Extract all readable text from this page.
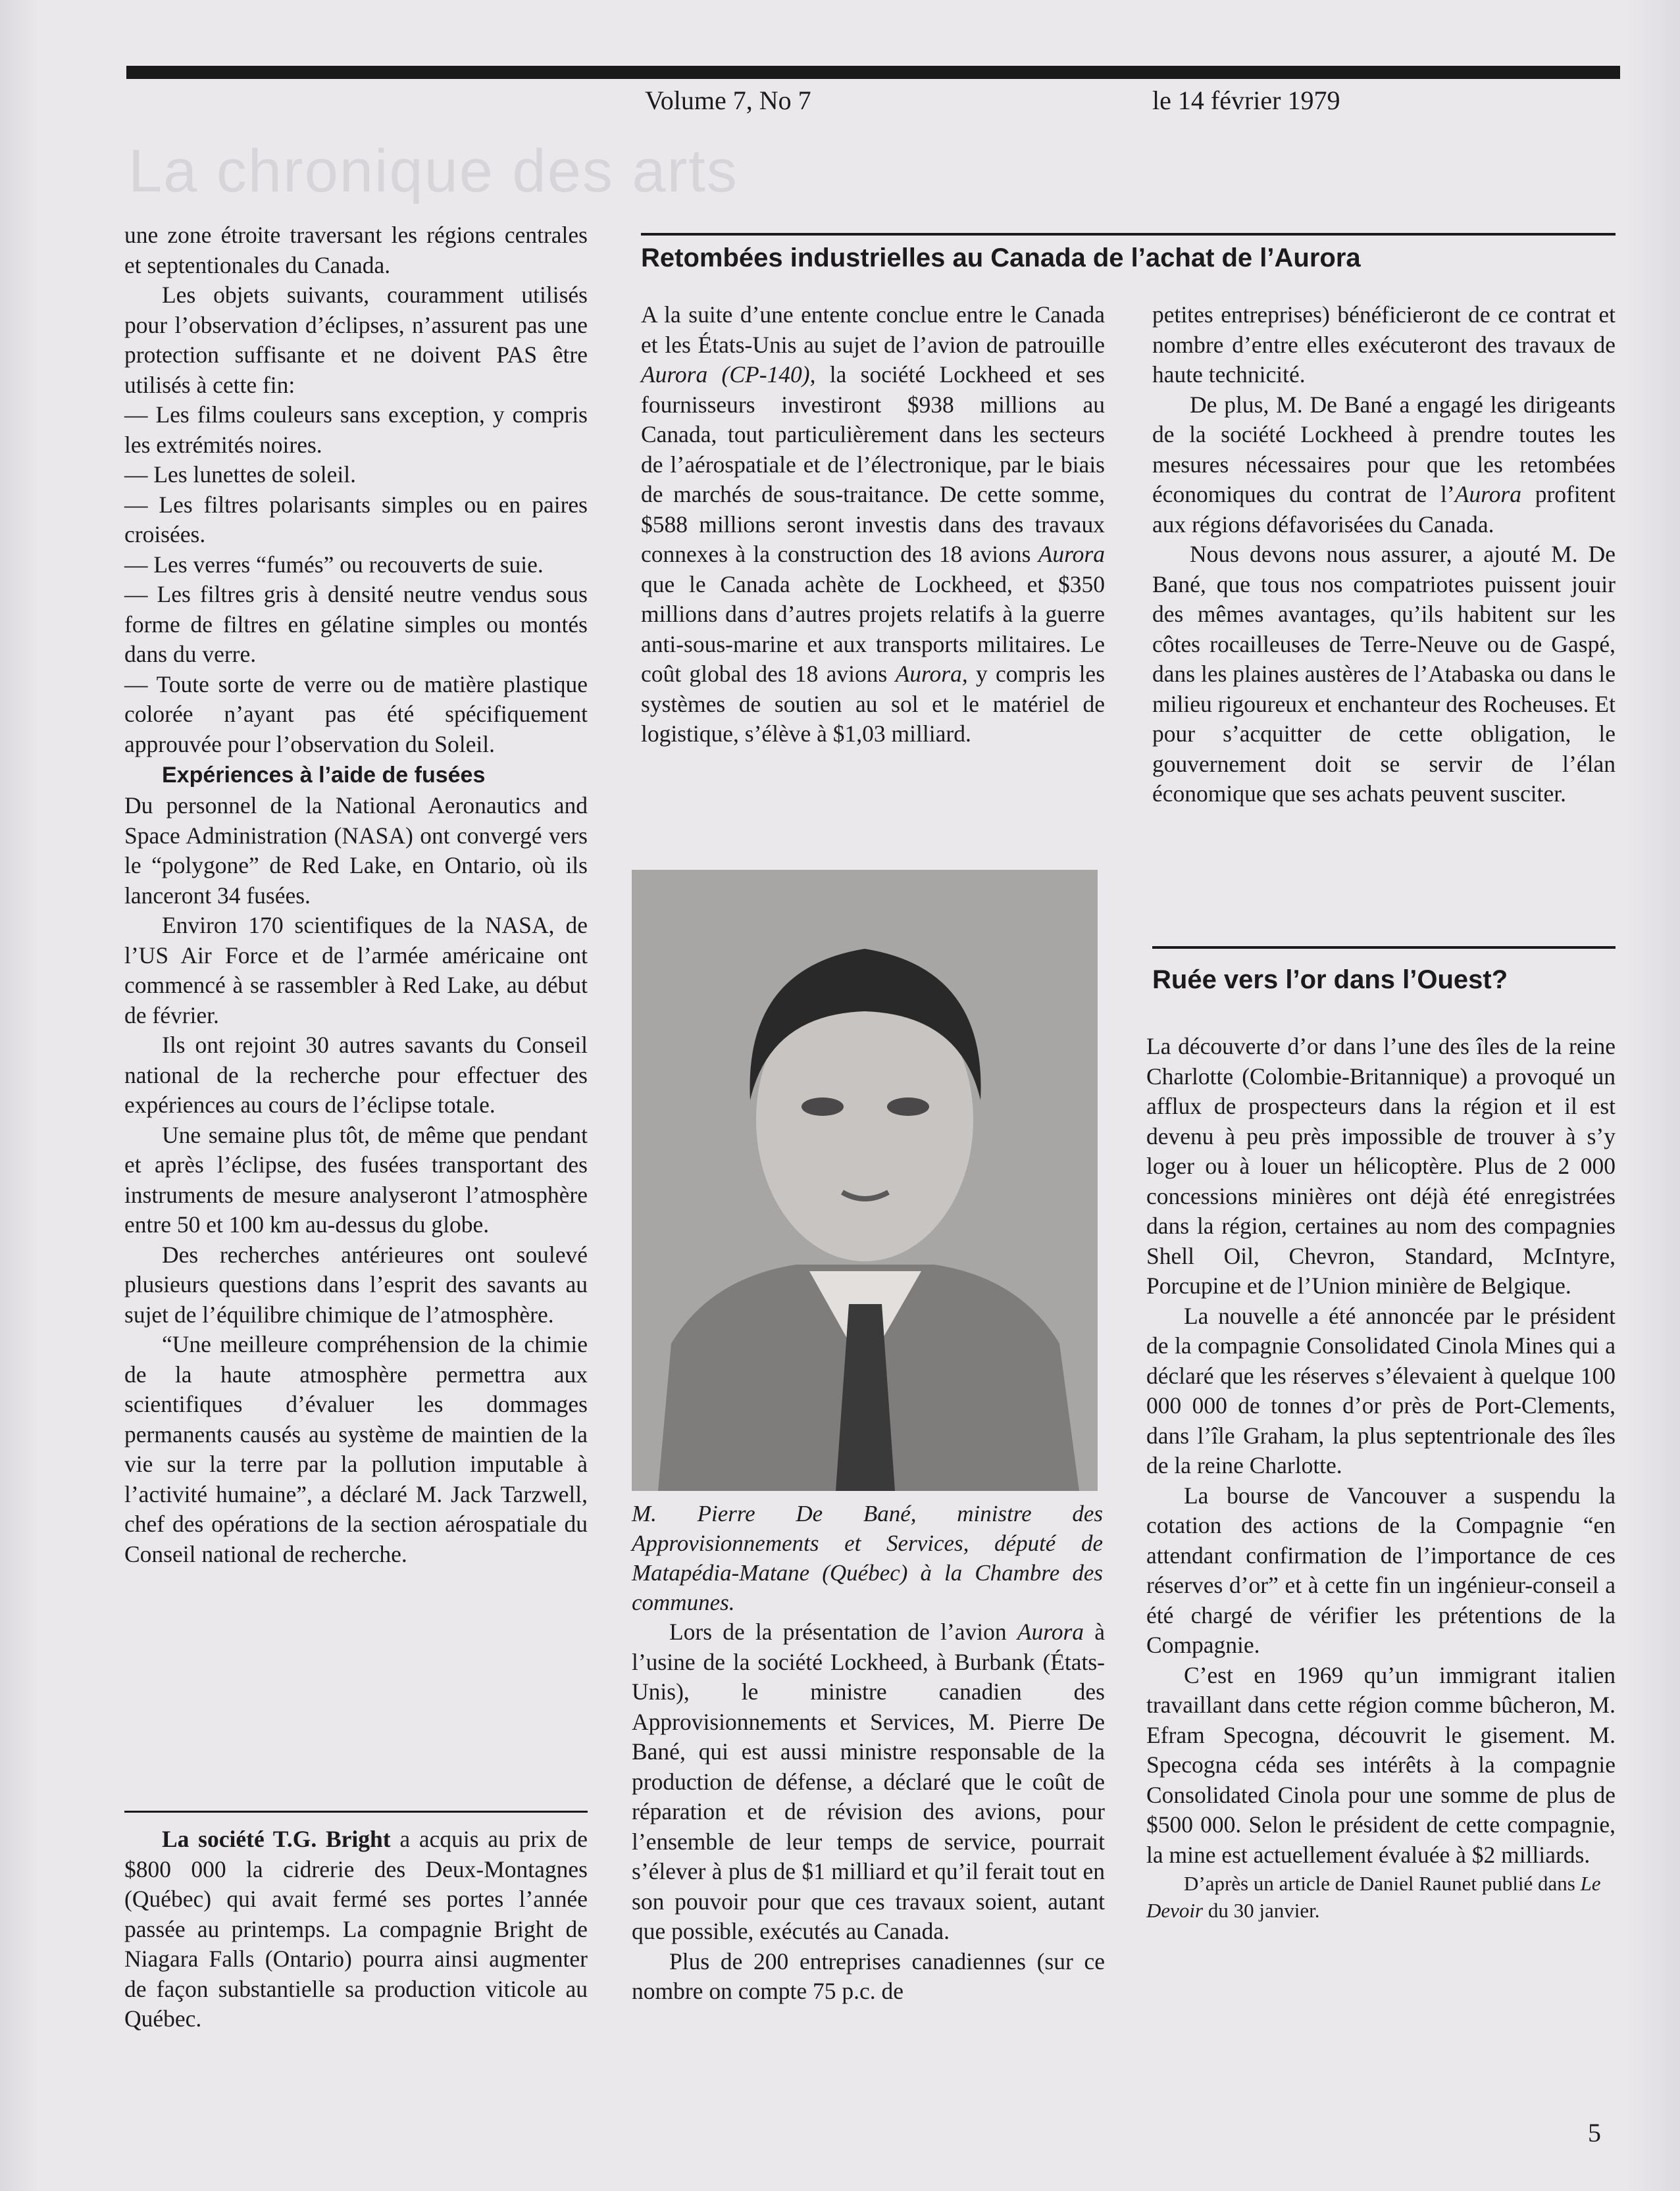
La chronique des arts
Volume 7, No 7	le 14 février 1979

une zone étroite traversant les régions centrales et septentionales du Canada.

Les objets suivants, couramment utilisés pour l’observation d’éclipses, n’assurent pas une protection suffisante et ne doivent PAS être utilisés à cette fin:

— Les films couleurs sans exception, y compris les extrémités noires.

— Les lunettes de soleil.

— Les filtres polarisants simples ou en paires croisées.

— Les verres “fumés” ou recouverts de suie.

— Les filtres gris à densité neutre vendus sous forme de filtres en gélatine simples ou montés dans du verre.

— Toute sorte de verre ou de matière plastique colorée n’ayant pas été spécifiquement approuvée pour l’observation du Soleil.

Expériences à l’aide de fusées

Du personnel de la National Aeronautics and Space Administration (NASA) ont convergé vers le “polygone” de Red Lake, en Ontario, où ils lanceront 34 fusées.

Environ 170 scientifiques de la NASA, de l’US Air Force et de l’armée américaine ont commencé à se rassembler à Red Lake, au début de février.

Ils ont rejoint 30 autres savants du Conseil national de la recherche pour effectuer des expériences au cours de l’éclipse totale.

Une semaine plus tôt, de même que pendant et après l’éclipse, des fusées transportant des instruments de mesure analyseront l’atmosphère entre 50 et 100 km au-dessus du globe.

Des recherches antérieures ont soulevé plusieurs questions dans l’esprit des savants au sujet de l’équilibre chimique de l’atmosphère.

“Une meilleure compréhension de la chimie de la haute atmosphère permettra aux scientifiques d’évaluer les dommages permanents causés au système de maintien de la vie sur la terre par la pollution imputable à l’activité humaine”, a déclaré M. Jack Tarzwell, chef des opérations de la section aérospatiale du Conseil national de recherche.

La société T.G. Bright a acquis au prix de $800 000 la cidrerie des Deux-Montagnes (Québec) qui avait fermé ses portes l’année passée au printemps. La compagnie Bright de Niagara Falls (Ontario) pourra ainsi augmenter de façon substantielle sa production viticole au Québec.

Retombées industrielles au Canada de l’achat de l’Aurora

A la suite d’une entente conclue entre le Canada et les États-Unis au sujet de l’avion de patrouille Aurora (CP-140), la société Lockheed et ses fournisseurs investiront $938 millions au Canada, tout particulièrement dans les secteurs de l’aérospatiale et de l’électronique, par le biais de marchés de sous-traitance. De cette somme, $588 millions seront investis dans des travaux connexes à la construction des 18 avions Aurora que le Canada achète de Lockheed, et $350 millions dans d’autres projets relatifs à la guerre anti-sous-marine et aux transports militaires. Le coût global des 18 avions Aurora, y compris les systèmes de soutien au sol et le matériel de logistique, s’élève à $1,03 milliard.

M. Pierre De Bané, ministre des Approvisionnements et Services, député de Matapédia-Matane (Québec) à la Chambre des communes.

Lors de la présentation de l’avion Aurora à l’usine de la société Lockheed, à Burbank (États-Unis), le ministre canadien des Approvisionnements et Services, M. Pierre De Bané, qui est aussi ministre responsable de la production de défense, a déclaré que le coût de réparation et de révision des avions, pour l’ensemble de leur temps de service, pourrait s’élever à plus de $1 milliard et qu’il ferait tout en son pouvoir pour que ces travaux soient, autant que possible, exécutés au Canada.

Plus de 200 entreprises canadiennes (sur ce nombre on compte 75 p.c. de

petites entreprises) bénéficieront de ce contrat et nombre d’entre elles exécuteront des travaux de haute technicité.

De plus, M. De Bané a engagé les dirigeants de la société Lockheed à prendre toutes les mesures nécessaires pour que les retombées économiques du contrat de l’Aurora profitent aux régions défavorisées du Canada.

Nous devons nous assurer, a ajouté M. De Bané, que tous nos compatriotes puissent jouir des mêmes avantages, qu’ils habitent sur les côtes rocailleuses de Terre-Neuve ou de Gaspé, dans les plaines austères de l’Atabaska ou dans le milieu rigoureux et enchanteur des Rocheuses. Et pour s’acquitter de cette obligation, le gouvernement doit se servir de l’élan économique que ses achats peuvent susciter.

Ruée vers l’or dans l’Ouest?

La découverte d’or dans l’une des îles de la reine Charlotte (Colombie-Britannique) a provoqué un afflux de prospecteurs dans la région et il est devenu à peu près impossible de trouver à s’y loger ou à louer un hélicoptère. Plus de 2 000 concessions minières ont déjà été enregistrées dans la région, certaines au nom des compagnies Shell Oil, Chevron, Standard, McIntyre, Porcupine et de l’Union minière de Belgique.

La nouvelle a été annoncée par le président de la compagnie Consolidated Cinola Mines qui a déclaré que les réserves s’élevaient à quelque 100 000 000 de tonnes d’or près de Port-Clements, dans l’île Graham, la plus septentrionale des îles de la reine Charlotte.

La bourse de Vancouver a suspendu la cotation des actions de la Compagnie “en attendant confirmation de l’importance de ces réserves d’or” et à cette fin un ingénieur-conseil a été chargé de vérifier les prétentions de la Compagnie.

C’est en 1969 qu’un immigrant italien travaillant dans cette région comme bûcheron, M. Efram Specogna, découvrit le gisement. M. Specogna céda ses intérêts à la compagnie Consolidated Cinola pour une somme de plus de $500 000. Selon le président de cette compagnie, la mine est actuellement évaluée à $2 milliards.

D’après un article de Daniel Raunet publié dans Le Devoir du 30 janvier.

5
